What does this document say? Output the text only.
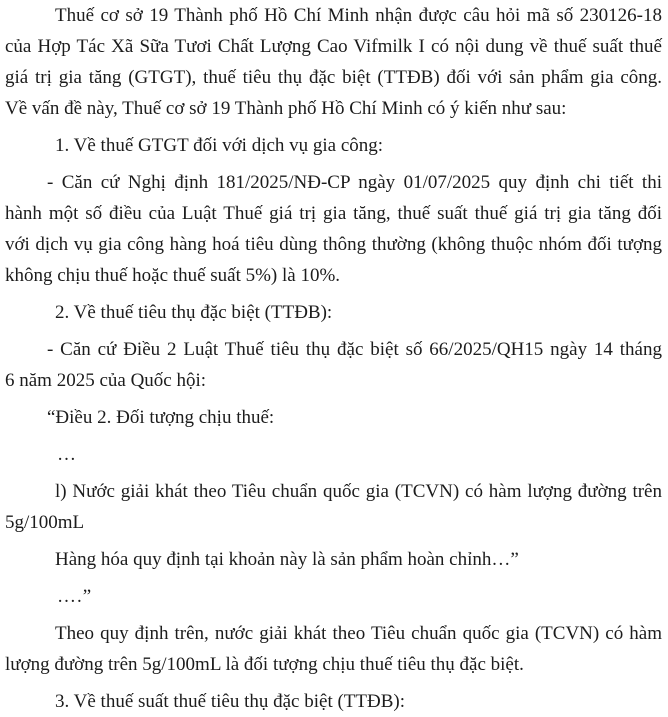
Thuế cơ sở 19 Thành phố Hồ Chí Minh nhận được câu hỏi mã số 230126-18
của Hợp Tác Xã Sữa Tươi Chất Lượng Cao Vifmilk I có nội dung về thuế suất thuế
giá trị gia tăng (GTGT), thuế tiêu thụ đặc biệt (TTĐB) đối với sản phẩm gia công.
Về vấn đề này, Thuế cơ sở 19 Thành phố Hồ Chí Minh có ý kiến như sau:

1. Về thuế GTGT đối với dịch vụ gia công:

- Căn cứ Nghị định 181/2025/NĐ-CP ngày 01/07/2025 quy định chi tiết thi
hành một số điều của Luật Thuế giá trị gia tăng, thuế suất thuế giá trị gia tăng đối
với dịch vụ gia công hàng hoá tiêu dùng thông thường (không thuộc nhóm đối tượng
không chịu thuế hoặc thuế suất 5%) là 10%.

2. Về thuế tiêu thụ đặc biệt (TTĐB):

- Căn cứ Điều 2 Luật Thuế tiêu thụ đặc biệt số 66/2025/QH15 ngày 14 tháng
6 năm 2025 của Quốc hội:

“Điều 2. Đối tượng chịu thuế:

…

l) Nước giải khát theo Tiêu chuẩn quốc gia (TCVN) có hàm lượng đường trên
5g/100mL

Hàng hóa quy định tại khoản này là sản phẩm hoàn chỉnh…”

….”

Theo quy định trên, nước giải khát theo Tiêu chuẩn quốc gia (TCVN) có hàm
lượng đường trên 5g/100mL là đối tượng chịu thuế tiêu thụ đặc biệt.

3. Về thuế suất thuế tiêu thụ đặc biệt (TTĐB):
